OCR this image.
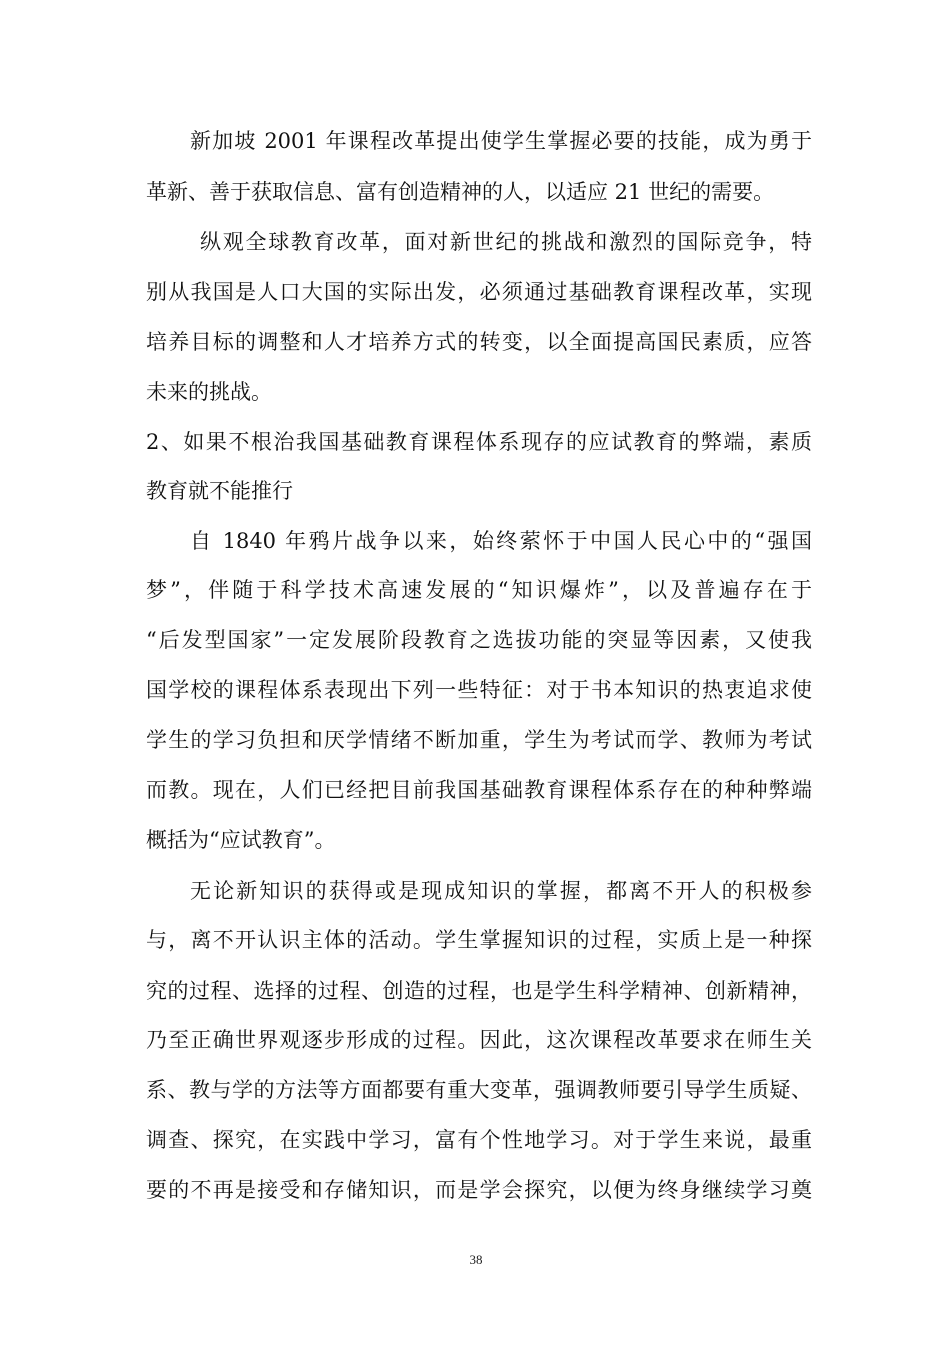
新加坡 2001 年课程改革提出使学生掌握必要的技能，成为勇于
革新、善于获取信息、富有创造精神的人，以适应 21 世纪的需要。
纵观全球教育改革，面对新世纪的挑战和激烈的国际竞争，特
别从我国是人口大国的实际出发，必须通过基础教育课程改革，实现
培养目标的调整和人才培养方式的转变，以全面提高国民素质，应答
未来的挑战。
2、如果不根治我国基础教育课程体系现存的应试教育的弊端，素质
教育就不能推行
自 1840 年鸦片战争以来，始终萦怀于中国人民心中的“强国
梦”，伴随于科学技术高速发展的“知识爆炸”，以及普遍存在于
“后发型国家”一定发展阶段教育之选拔功能的突显等因素，又使我
国学校的课程体系表现出下列一些特征：对于书本知识的热衷追求使
学生的学习负担和厌学情绪不断加重，学生为考试而学、教师为考试
而教。现在，人们已经把目前我国基础教育课程体系存在的种种弊端
概括为“应试教育”。
无论新知识的获得或是现成知识的掌握，都离不开人的积极参
与，离不开认识主体的活动。学生掌握知识的过程，实质上是一种探
究的过程、选择的过程、创造的过程，也是学生科学精神、创新精神，
乃至正确世界观逐步形成的过程。因此，这次课程改革要求在师生关
系、教与学的方法等方面都要有重大变革，强调教师要引导学生质疑、
调查、探究，在实践中学习，富有个性地学习。对于学生来说，最重
要的不再是接受和存储知识，而是学会探究，以便为终身继续学习奠
38
